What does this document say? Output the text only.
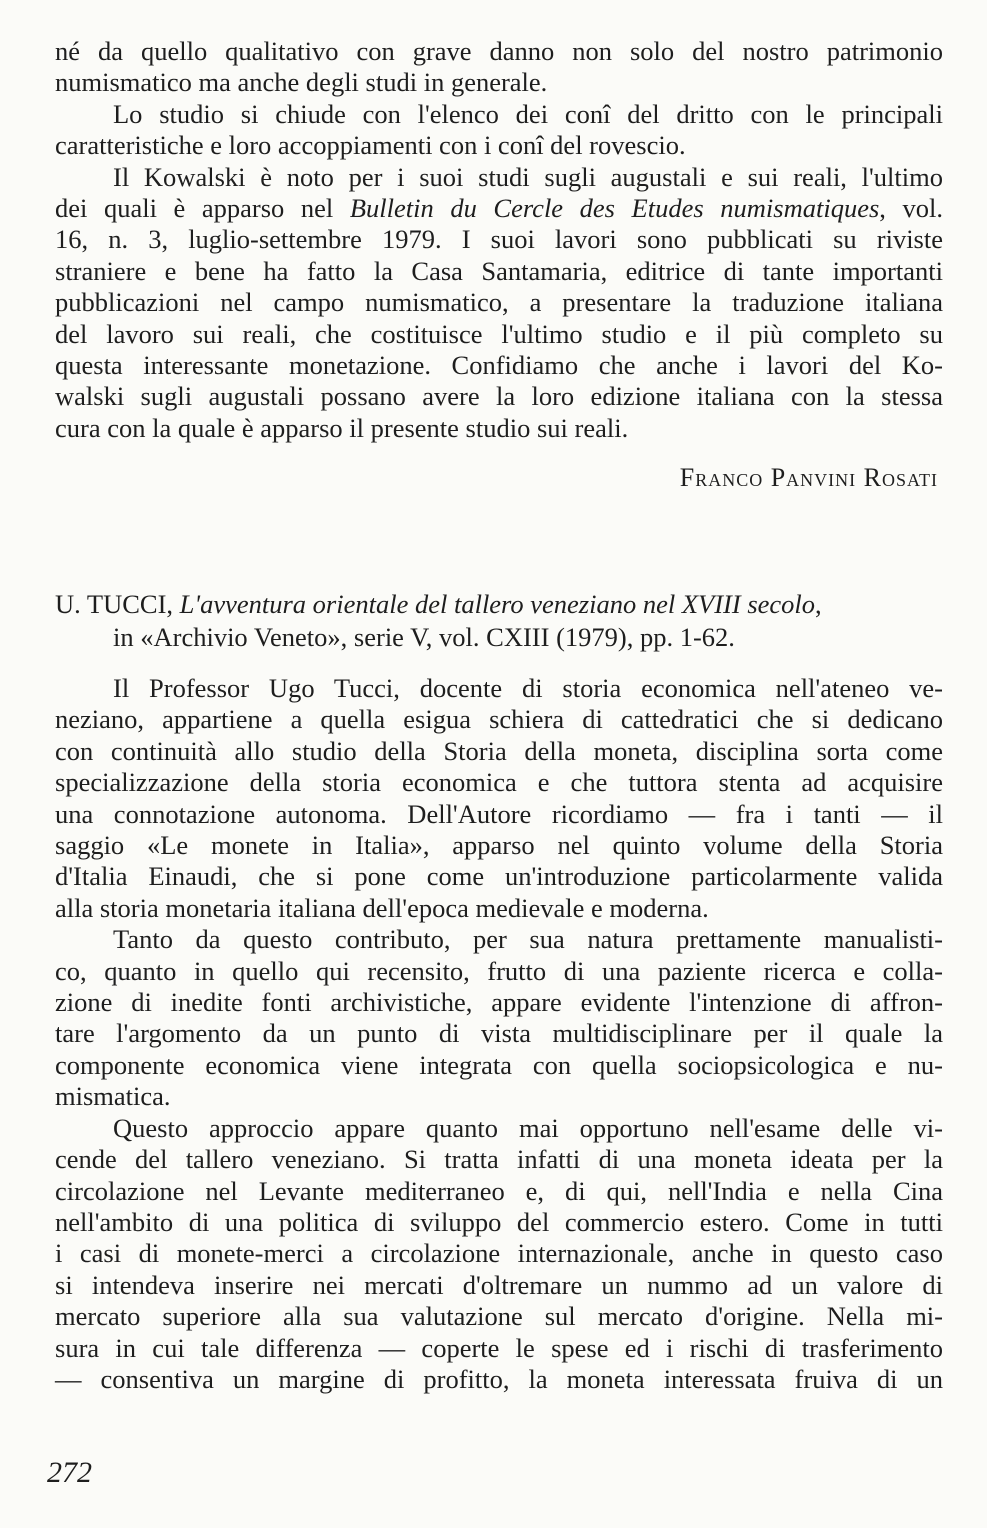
né da quello qualitativo con grave danno non solo del nostro patrimonio
numismatico ma anche degli studi in generale.
Lo studio si chiude con l'elenco dei conî del dritto con le principali
caratteristiche e loro accoppiamenti con i conî del rovescio.
Il Kowalski è noto per i suoi studi sugli augustali e sui reali, l'ultimo
dei quali è apparso nel Bulletin du Cercle des Etudes numismatiques, vol.
16, n. 3, luglio-settembre 1979. I suoi lavori sono pubblicati su riviste
straniere e bene ha fatto la Casa Santamaria, editrice di tante importanti
pubblicazioni nel campo numismatico, a presentare la traduzione italiana
del lavoro sui reali, che costituisce l'ultimo studio e il più completo su
questa interessante monetazione. Confidiamo che anche i lavori del Ko-
walski sugli augustali possano avere la loro edizione italiana con la stessa
cura con la quale è apparso il presente studio sui reali.

Franco Panvini Rosati
U. TUCCI, L'avventura orientale del tallero veneziano nel XVIII secolo,
in «Archivio Veneto», serie V, vol. CXIII (1979), pp. 1-62.

Il Professor Ugo Tucci, docente di storia economica nell'ateneo ve-
neziano, appartiene a quella esigua schiera di cattedratici che si dedicano
con continuità allo studio della Storia della moneta, disciplina sorta come
specializzazione della storia economica e che tuttora stenta ad acquisire
una connotazione autonoma. Dell'Autore ricordiamo — fra i tanti — il
saggio «Le monete in Italia», apparso nel quinto volume della Storia
d'Italia Einaudi, che si pone come un'introduzione particolarmente valida
alla storia monetaria italiana dell'epoca medievale e moderna.
Tanto da questo contributo, per sua natura prettamente manualisti-
co, quanto in quello qui recensito, frutto di una paziente ricerca e colla-
zione di inedite fonti archivistiche, appare evidente l'intenzione di affron-
tare l'argomento da un punto di vista multidisciplinare per il quale la
componente economica viene integrata con quella sociopsicologica e nu-
mismatica.
Questo approccio appare quanto mai opportuno nell'esame delle vi-
cende del tallero veneziano. Si tratta infatti di una moneta ideata per la
circolazione nel Levante mediterraneo e, di qui, nell'India e nella Cina
nell'ambito di una politica di sviluppo del commercio estero. Come in tutti
i casi di monete-merci a circolazione internazionale, anche in questo caso
si intendeva inserire nei mercati d'oltremare un nummo ad un valore di
mercato superiore alla sua valutazione sul mercato d'origine. Nella mi-
sura in cui tale differenza — coperte le spese ed i rischi di trasferimento
— consentiva un margine di profitto, la moneta interessata fruiva di un

272
